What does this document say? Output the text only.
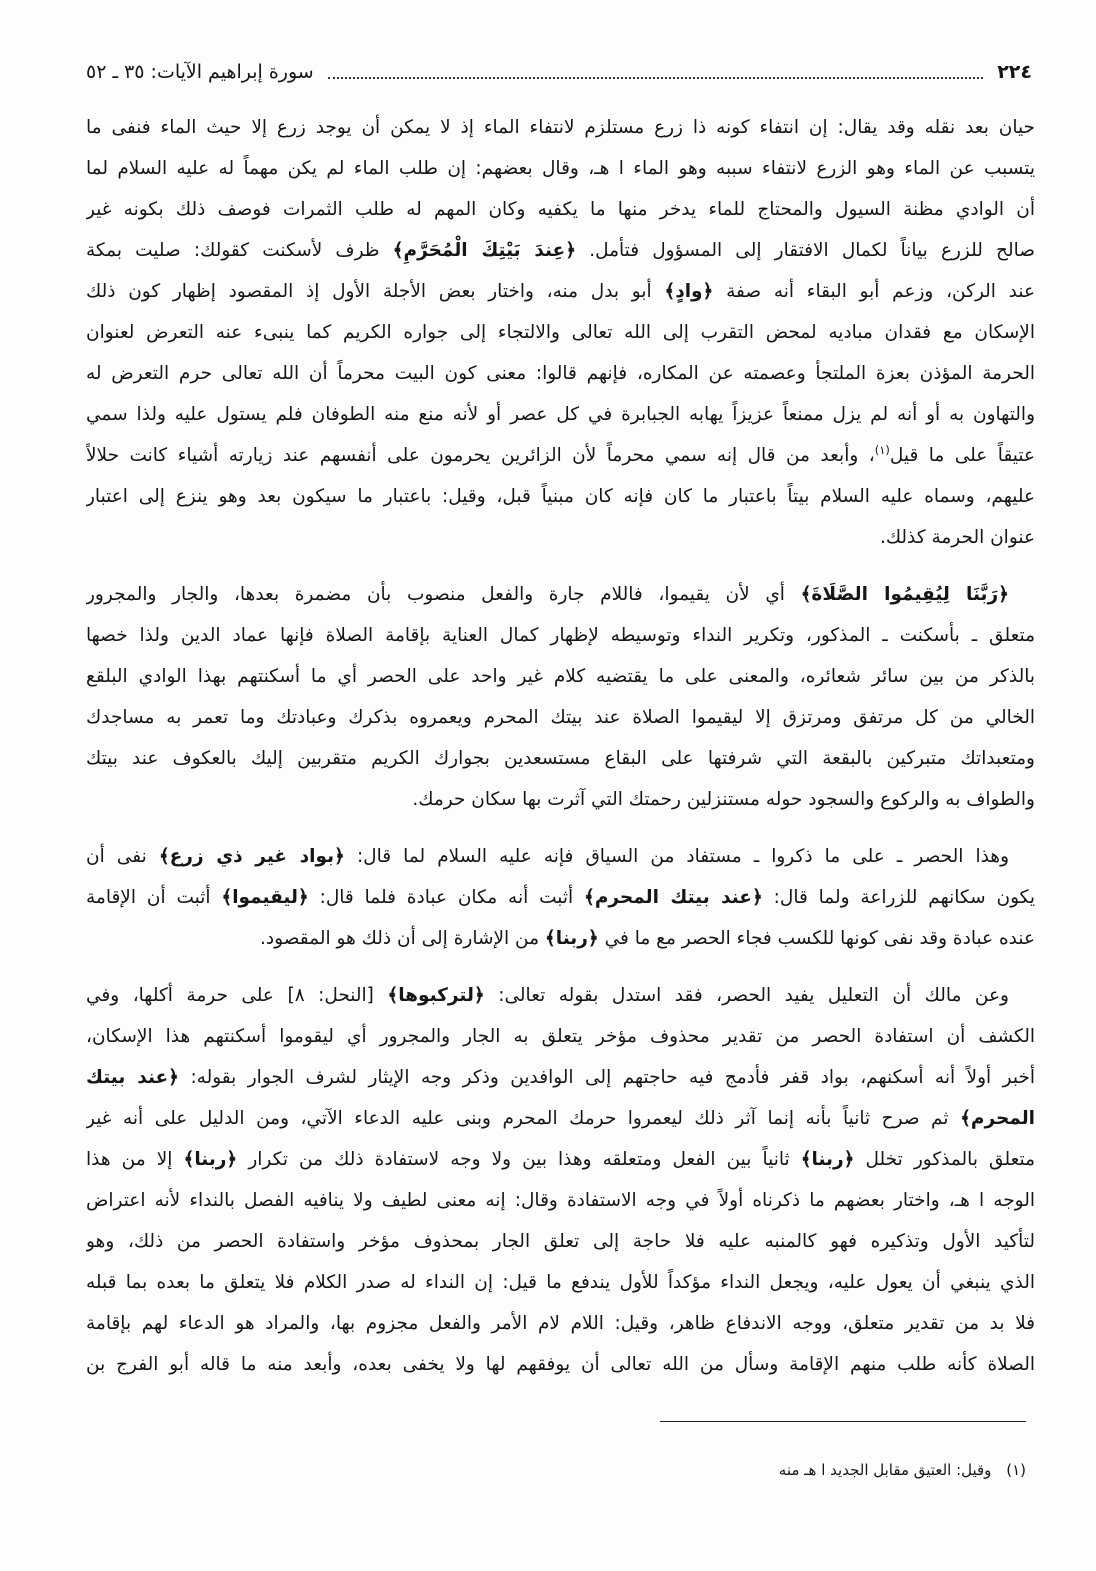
٢٢٤
سورة إبراهيم الآيات: ٣٥ ـ ٥٢
حيان بعد نقله وقد يقال: إن انتفاء كونه ذا زرع مستلزم لانتفاء الماء إذ لا يمكن أن يوجد زرع إلا حيث الماء فنفى ما
يتسبب عن الماء وهو الزرع لانتفاء سببه وهو الماء ا هـ، وقال بعضهم: إن طلب الماء لم يكن مهماً له عليه السلام لما
أن الوادي مظنة السيول والمحتاج للماء يدخر منها ما يكفيه وكان المهم له طلب الثمرات فوصف ذلك بكونه غير
صالح للزرع بياناً لكمال الافتقار إلى المسؤول فتأمل. ﴿عِندَ بَيْتِكَ الْمُحَرَّمِ﴾ ظرف لأسكنت كقولك: صليت بمكة
عند الركن، وزعم أبو البقاء أنه صفة ﴿وادٍ﴾ أبو بدل منه، واختار بعض الأجلة الأول إذ المقصود إظهار كون ذلك
الإسكان مع فقدان مباديه لمحض التقرب إلى الله تعالى والالتجاء إلى جواره الكريم كما ينبىء عنه التعرض لعنوان
الحرمة المؤذن بعزة الملتجأ وعصمته عن المكاره، فإنهم قالوا: معنى كون البيت محرماً أن الله تعالى حرم التعرض له
والتهاون به أو أنه لم يزل ممنعاً عزيزاً يهابه الجبابرة في كل عصر أو لأنه منع منه الطوفان فلم يستول عليه ولذا سمي
عتيقاً على ما قيل$^{(١)}$، وأبعد من قال إنه سمي محرماً لأن الزائرين يحرمون على أنفسهم عند زيارته أشياء كانت حلالاً
عليهم، وسماه عليه السلام بيتاً باعتبار ما كان فإنه كان مبنياً قبل، وقيل: باعتبار ما سيكون بعد وهو ينزع إلى اعتبار
عنوان الحرمة كذلك.
﴿رَبَّنَا لِيُقِيمُوا الصَّلَاةَ﴾ أي لأن يقيموا، فاللام جارة والفعل منصوب بأن مضمرة بعدها، والجار والمجرور
متعلق ـ بأسكنت ـ المذكور، وتكرير النداء وتوسيطه لإظهار كمال العناية بإقامة الصلاة فإنها عماد الدين ولذا خصها
بالذكر من بين سائر شعائره، والمعنى على ما يقتضيه كلام غير واحد على الحصر أي ما أسكنتهم بهذا الوادي البلقع
الخالي من كل مرتفق ومرتزق إلا ليقيموا الصلاة عند بيتك المحرم ويعمروه بذكرك وعبادتك وما تعمر به مساجدك
ومتعبداتك متبركين بالبقعة التي شرفتها على البقاع مستسعدين بجوارك الكريم متقربين إليك بالعكوف عند بيتك
والطواف به والركوع والسجود حوله مستنزلين رحمتك التي آثرت بها سكان حرمك.
وهذا الحصر ـ على ما ذكروا ـ مستفاد من السياق فإنه عليه السلام لما قال: ﴿بواد غير ذي زرع﴾ نفى أن
يكون سكانهم للزراعة ولما قال: ﴿عند بيتك المحرم﴾ أثبت أنه مكان عبادة فلما قال: ﴿ليقيموا﴾ أثبت أن الإقامة
عنده عبادة وقد نفى كونها للكسب فجاء الحصر مع ما في ﴿ربنا﴾ من الإشارة إلى أن ذلك هو المقصود.
وعن مالك أن التعليل يفيد الحصر، فقد استدل بقوله تعالى: ﴿لتركبوها﴾ [النحل: ٨] على حرمة أكلها، وفي
الكشف أن استفادة الحصر من تقدير محذوف مؤخر يتعلق به الجار والمجرور أي ليقوموا أسكنتهم هذا الإسكان،
أخبر أولاً أنه أسكنهم، بواد قفر فأدمج فيه حاجتهم إلى الوافدين وذكر وجه الإيثار لشرف الجوار بقوله: ﴿عند بيتك
المحرم﴾ ثم صرح ثانياً بأنه إنما آثر ذلك ليعمروا حرمك المحرم وبنى عليه الدعاء الآتي، ومن الدليل على أنه غير
متعلق بالمذكور تخلل ﴿ربنا﴾ ثانياً بين الفعل ومتعلقه وهذا بين ولا وجه لاستفادة ذلك من تكرار ﴿ربنا﴾ إلا من هذا
الوجه ا هـ، واختار بعضهم ما ذكرناه أولاً في وجه الاستفادة وقال: إنه معنى لطيف ولا ينافيه الفصل بالنداء لأنه اعتراض
لتأكيد الأول وتذكيره فهو كالمنبه عليه فلا حاجة إلى تعلق الجار بمحذوف مؤخر واستفادة الحصر من ذلك، وهو
الذي ينبغي أن يعول عليه، ويجعل النداء مؤكداً للأول يندفع ما قيل: إن النداء له صدر الكلام فلا يتعلق ما بعده بما قبله
فلا بد من تقدير متعلق، ووجه الاندفاع ظاهر، وقيل: اللام لام الأمر والفعل مجزوم بها، والمراد هو الدعاء لهم بإقامة
الصلاة كأنه طلب منهم الإقامة وسأل من الله تعالى أن يوفقهم لها ولا يخفى بعده، وأبعد منه ما قاله أبو الفرج بن
(١) وقيل: العتيق مقابل الجديد ا هـ منه
